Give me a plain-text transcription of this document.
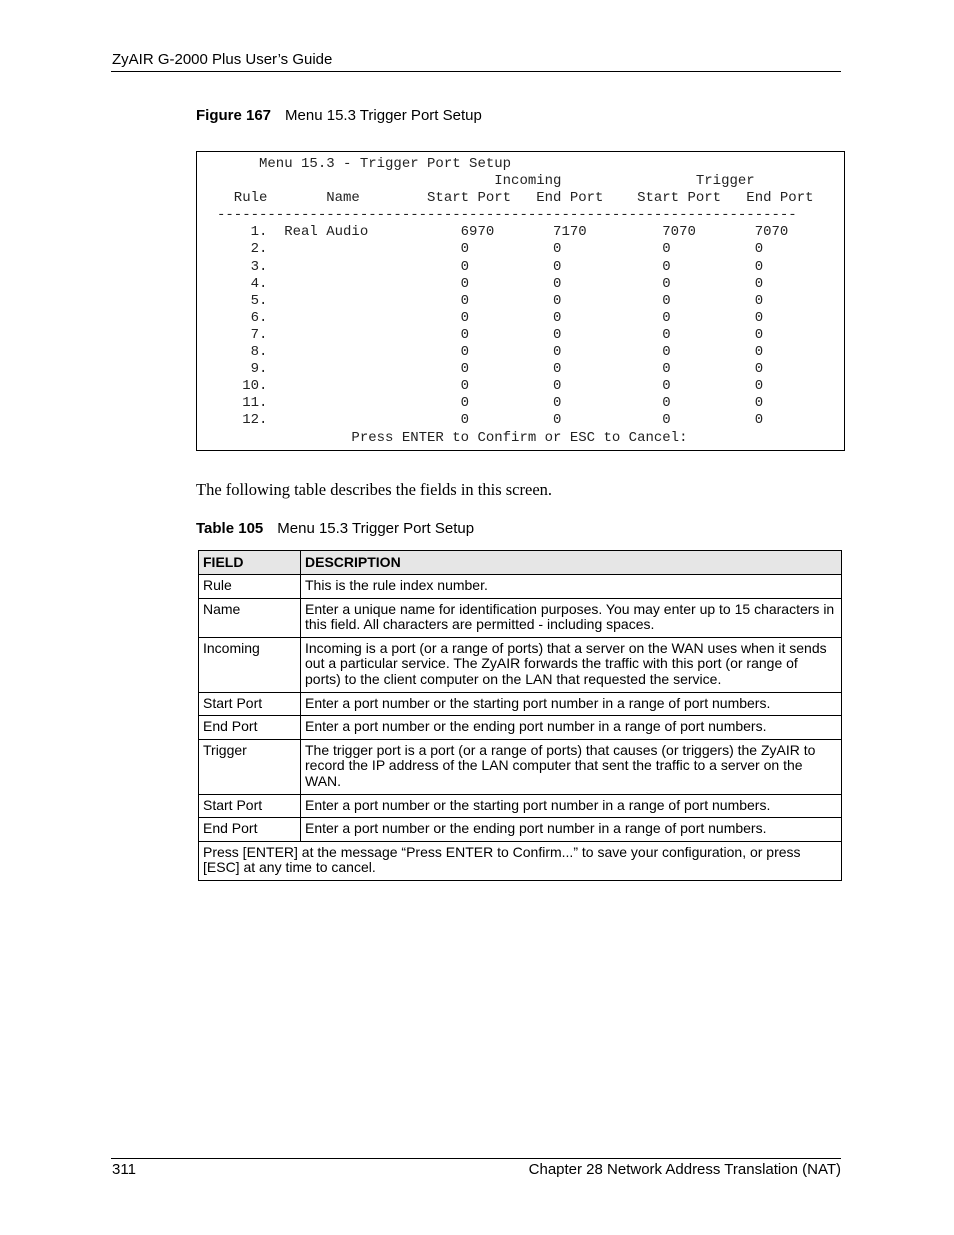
ZyAIR G-2000 Plus User’s Guide
Figure 167 Menu 15.3 Trigger Port Setup
Menu 15.3 - Trigger Port Setup
Incoming                Trigger
Rule       Name        Start Port   End Port    Start Port   End Port
---------------------------------------------------------------------
1.  Real Audio           6970       7170         7070       7070
2.                       0          0            0          0
3.                       0          0            0          0
4.                       0          0            0          0
5.                       0          0            0          0
6.                       0          0            0          0
7.                       0          0            0          0
8.                       0          0            0          0
9.                       0          0            0          0
10.                       0          0            0          0
11.                       0          0            0          0
12.                       0          0            0          0
Press ENTER to Confirm or ESC to Cancel:
The following table describes the fields in this screen.
Table 105 Menu 15.3 Trigger Port Setup
FIELD	DESCRIPTION
Rule	This is the rule index number.
Name	Enter a unique name for identification purposes. You may enter up to 15 characters in this field. All characters are permitted - including spaces.
Incoming	Incoming is a port (or a range of ports) that a server on the WAN uses when it sends out a particular service. The ZyAIR forwards the traffic with this port (or range of ports) to the client computer on the LAN that requested the service.
Start Port	Enter a port number or the starting port number in a range of port numbers.
End Port	Enter a port number or the ending port number in a range of port numbers.
Trigger	The trigger port is a port (or a range of ports) that causes (or triggers) the ZyAIR to record the IP address of the LAN computer that sent the traffic to a server on the WAN.
Start Port	Enter a port number or the starting port number in a range of port numbers.
End Port	Enter a port number or the ending port number in a range of port numbers.
Press [ENTER] at the message “Press ENTER to Confirm...” to save your configuration, or press [ESC] at any time to cancel.	
311	Chapter 28 Network Address Translation (NAT)
